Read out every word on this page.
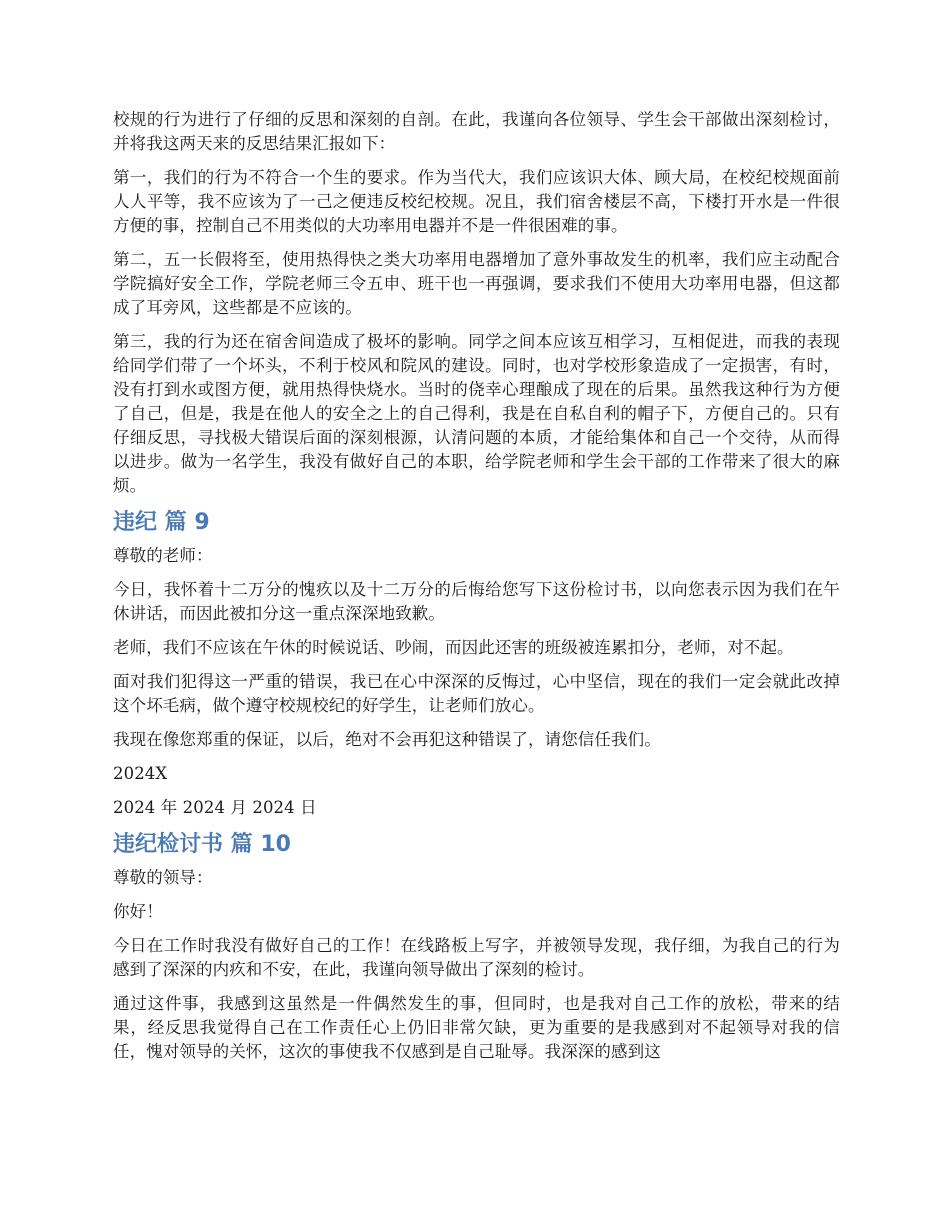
校规的行为进行了仔细的反思和深刻的自剖。在此，我谨向各位领导、学生会干部做出深刻检讨，并将我这两天来的反思结果汇报如下：

第一，我们的行为不符合一个生的要求。作为当代大，我们应该识大体、顾大局，在校纪校规面前人人平等，我不应该为了一己之便违反校纪校规。况且，我们宿舍楼层不高，下楼打开水是一件很方便的事，控制自己不用类似的大功率用电器并不是一件很困难的事。

第二，五一长假将至，使用热得快之类大功率用电器增加了意外事故发生的机率，我们应主动配合学院搞好安全工作，学院老师三令五申、班干也一再强调，要求我们不使用大功率用电器，但这都成了耳旁风，这些都是不应该的。

第三，我的行为还在宿舍间造成了极坏的影响。同学之间本应该互相学习，互相促进，而我的表现给同学们带了一个坏头，不利于校风和院风的建设。同时，也对学校形象造成了一定损害，有时，没有打到水或图方便，就用热得快烧水。当时的侥幸心理酿成了现在的后果。虽然我这种行为方便了自己，但是，我是在他人的安全之上的自己得利，我是在自私自利的帽子下，方便自己的。只有仔细反思，寻找极大错误后面的深刻根源，认清问题的本质，才能给集体和自己一个交待，从而得以进步。做为一名学生，我没有做好自己的本职，给学院老师和学生会干部的工作带来了很大的麻烦。

违纪 篇 9

尊敬的老师：

今日，我怀着十二万分的愧疚以及十二万分的后悔给您写下这份检讨书，以向您表示因为我们在午休讲话，而因此被扣分这一重点深深地致歉。

老师，我们不应该在午休的时候说话、吵闹，而因此还害的班级被连累扣分，老师，对不起。

面对我们犯得这一严重的错误，我已在心中深深的反悔过，心中坚信，现在的我们一定会就此改掉这个坏毛病，做个遵守校规校纪的好学生，让老师们放心。

我现在像您郑重的保证，以后，绝对不会再犯这种错误了，请您信任我们。

2024X

2024 年 2024 月 2024 日

违纪检讨书 篇 10

尊敬的领导：

你好！

今日在工作时我没有做好自己的工作！在线路板上写字，并被领导发现，我仔细，为我自己的行为感到了深深的内疚和不安，在此，我谨向领导做出了深刻的检讨。

通过这件事，我感到这虽然是一件偶然发生的事，但同时，也是我对自己工作的放松，带来的结果，经反思我觉得自己在工作责任心上仍旧非常欠缺，更为重要的是我感到对不起领导对我的信任，愧对领导的关怀，这次的事使我不仅感到是自己耻辱。我深深的感到这
